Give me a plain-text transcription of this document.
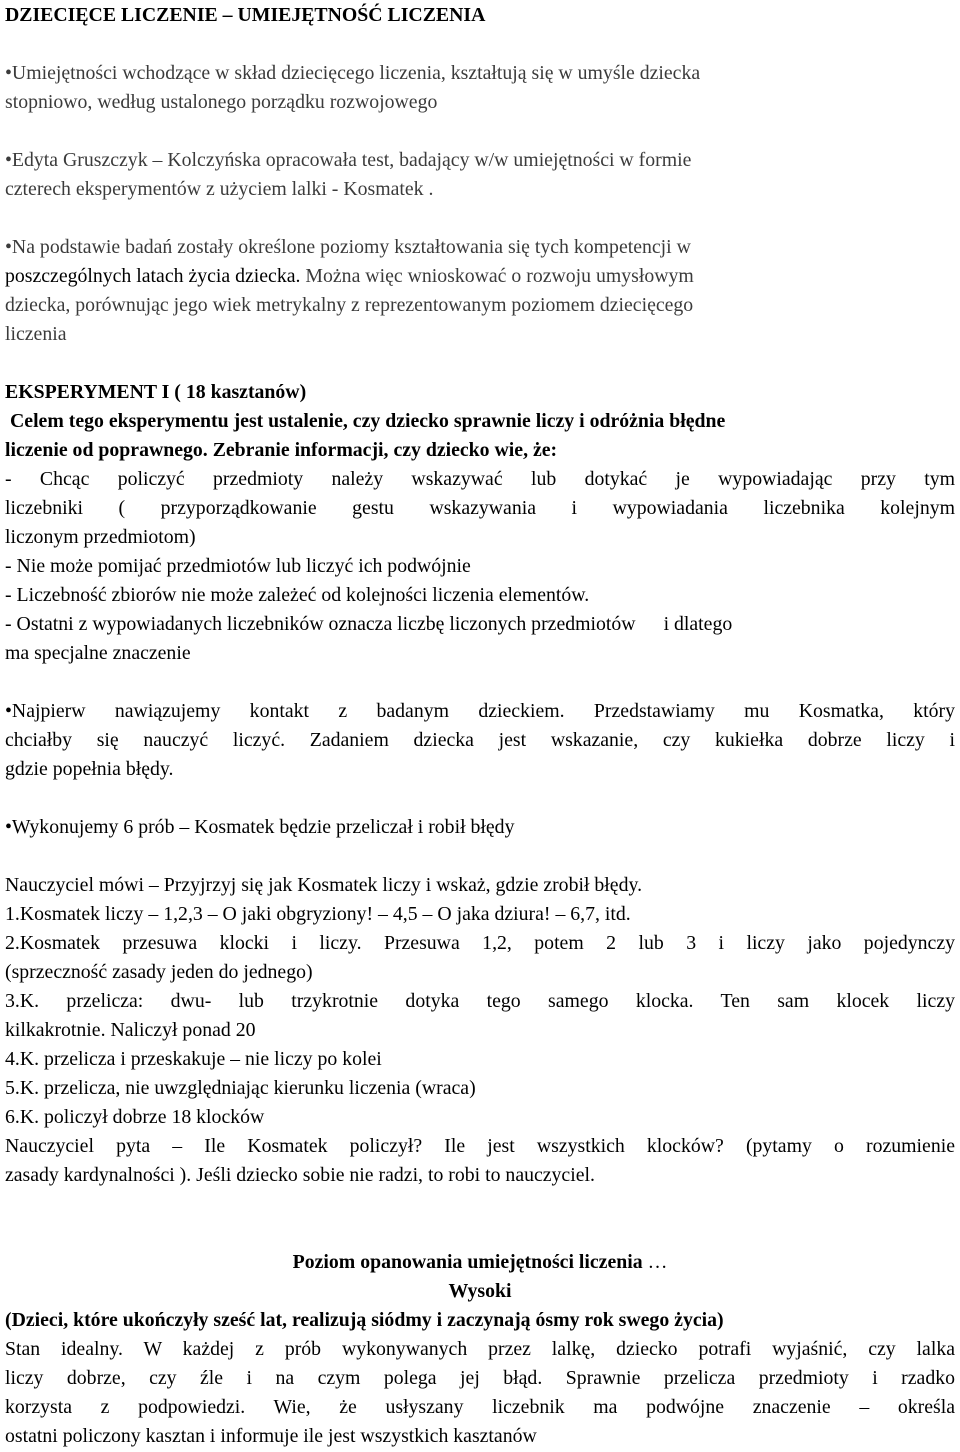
DZIECIĘCE LICZENIE – UMIEJĘTNOŚĆ LICZENIA
•Umiejętności wchodzące w skład dziecięcego liczenia, kształtują się w umyśle dziecka
stopniowo, według ustalonego porządku rozwojowego
•Edyta Gruszczyk – Kolczyńska opracowała test, badający w/w umiejętności w formie
czterech eksperymentów z użyciem lalki - Kosmatek .
•Na podstawie badań zostały określone poziomy kształtowania się tych kompetencji w
poszczególnych latach życia dziecka. Można więc wnioskować o rozwoju umysłowym
dziecka, porównując jego wiek metrykalny z reprezentowanym poziomem dziecięcego
liczenia
EKSPERYMENT I ( 18 kasztanów)
Celem tego eksperymentu jest ustalenie, czy dziecko sprawnie liczy i odróżnia błędne
liczenie od poprawnego. Zebranie informacji, czy dziecko wie, że:
- Chcąc policzyć przedmioty należy wskazywać lub dotykać je wypowiadając przy tym
liczebniki ( przyporządkowanie gestu wskazywania i wypowiadania liczebnika kolejnym
liczonym przedmiotom)
- Nie może pomijać przedmiotów lub liczyć ich podwójnie
- Liczebność zbiorów nie może zależeć od kolejności liczenia elementów.
- Ostatni z wypowiadanych liczebników oznacza liczbę liczonych przedmiotów i dlatego
ma specjalne znaczenie
•Najpierw nawiązujemy kontakt z badanym dzieckiem. Przedstawiamy mu Kosmatka, który
chciałby się nauczyć liczyć. Zadaniem dziecka jest wskazanie, czy kukiełka dobrze liczy i
gdzie popełnia błędy.
•Wykonujemy 6 prób – Kosmatek będzie przeliczał i robił błędy
Nauczyciel mówi – Przyjrzyj się jak Kosmatek liczy i wskaż, gdzie zrobił błędy.
1.Kosmatek liczy – 1,2,3 – O jaki obgryziony! – 4,5 – O jaka dziura! – 6,7, itd.
2.Kosmatek przesuwa klocki i liczy. Przesuwa 1,2, potem 2 lub 3 i liczy jako pojedynczy
(sprzeczność zasady jeden do jednego)
3.K. przelicza: dwu- lub trzykrotnie dotyka tego samego klocka. Ten sam klocek liczy
kilkakrotnie. Naliczył ponad 20
4.K. przelicza i przeskakuje – nie liczy po kolei
5.K. przelicza, nie uwzględniając kierunku liczenia (wraca)
6.K. policzył dobrze 18 klocków
Nauczyciel pyta – Ile Kosmatek policzył? Ile jest wszystkich klocków? (pytamy o rozumienie
zasady kardynalności ). Jeśli dziecko sobie nie radzi, to robi to nauczyciel.
Poziom opanowania umiejętności liczenia …
Wysoki
(Dzieci, które ukończyły sześć lat, realizują siódmy i zaczynają ósmy rok swego życia)
Stan idealny. W każdej z prób wykonywanych przez lalkę, dziecko potrafi wyjaśnić, czy lalka
liczy dobrze, czy źle i na czym polega jej błąd. Sprawnie przelicza przedmioty i rzadko
korzysta z podpowiedzi. Wie, że usłyszany liczebnik ma podwójne znaczenie – określa
ostatni policzony kasztan i informuje ile jest wszystkich kasztanów
